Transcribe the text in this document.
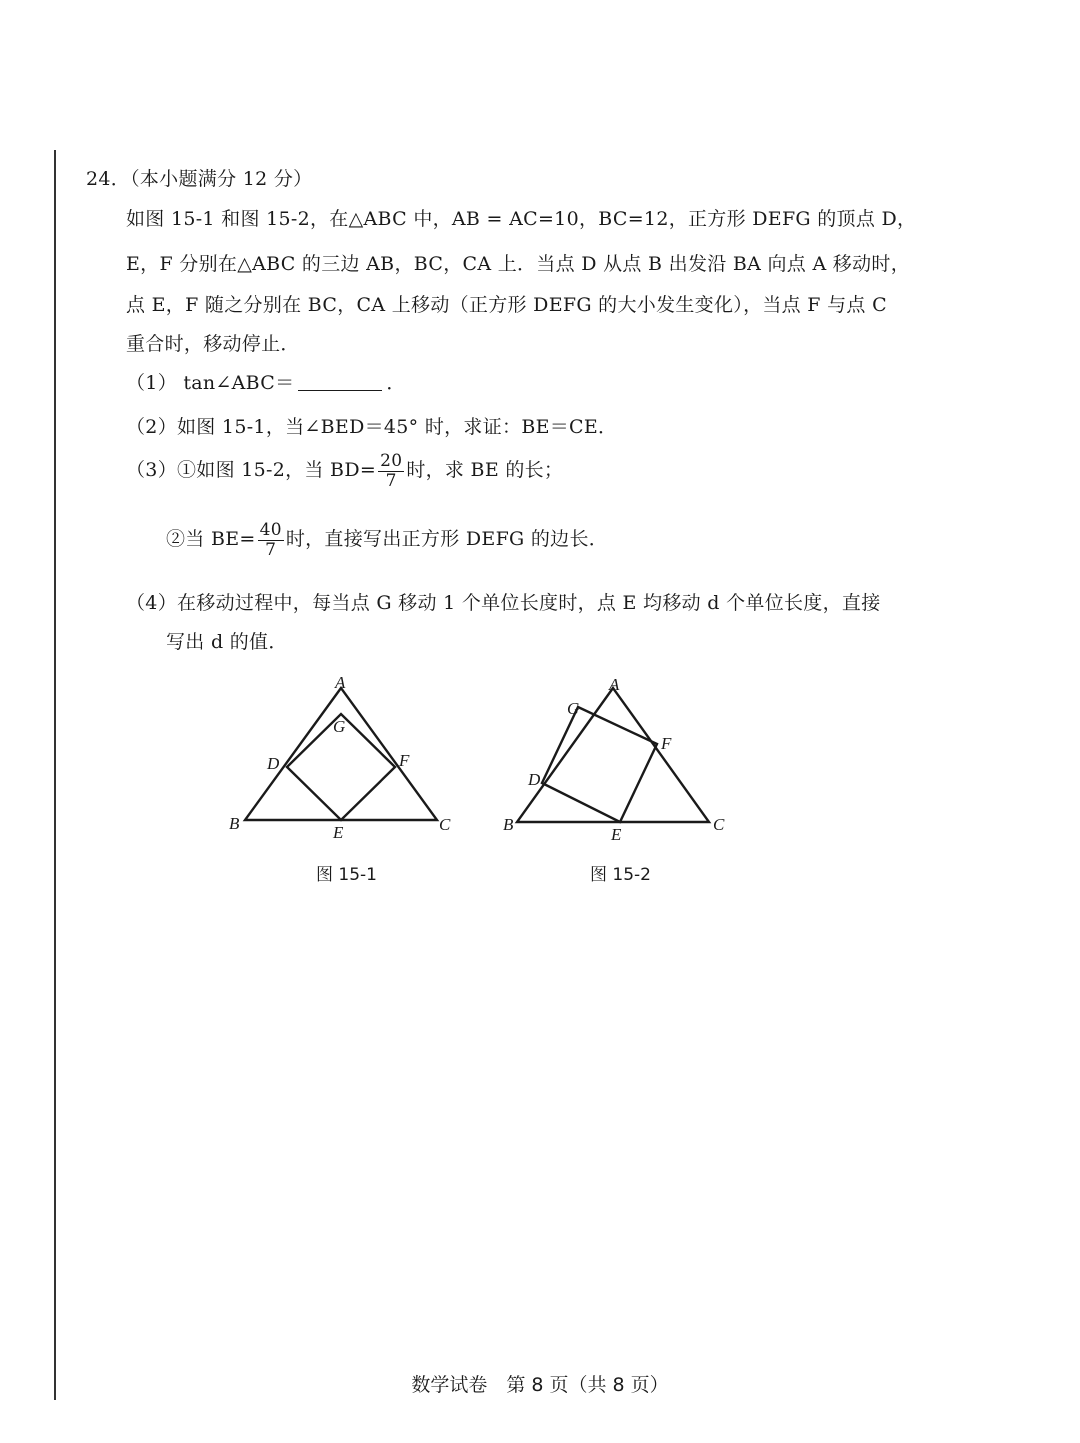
24．（本小题满分 12 分）
如图 15-1 和图 15-2，在△ABC 中，AB = AC=10，BC=12，正方形 DEFG 的顶点 D，
E，F 分别在△ABC 的三边 AB，BC，CA 上．当点 D 从点 B 出发沿 BA 向点 A 移动时，
点 E，F 随之分别在 BC，CA 上移动（正方形 DEFG 的大小发生变化），当点 F 与点 C
重合时，移动停止．
（1） tan∠ABC＝	．
（2）如图 15-1，当∠BED＝45° 时，求证：BE＝CE．
（3）①如图 15-2，当 $BD= \frac{20}{7}$ 时，求 BE 的长；
②当 $BE= \frac{40}{7}$ 时，直接写出正方形 DEFG 的边长．
（4）在移动过程中，每当点 G 移动 1 个单位长度时，点 E 均移动 d 个单位长度，直接
写出 d 的值．
A
G
D	F
B	E	C
图 15-1
A
G
F
D
B
E
C
图 15-2
数学试卷　第 8 页（共 8 页）
